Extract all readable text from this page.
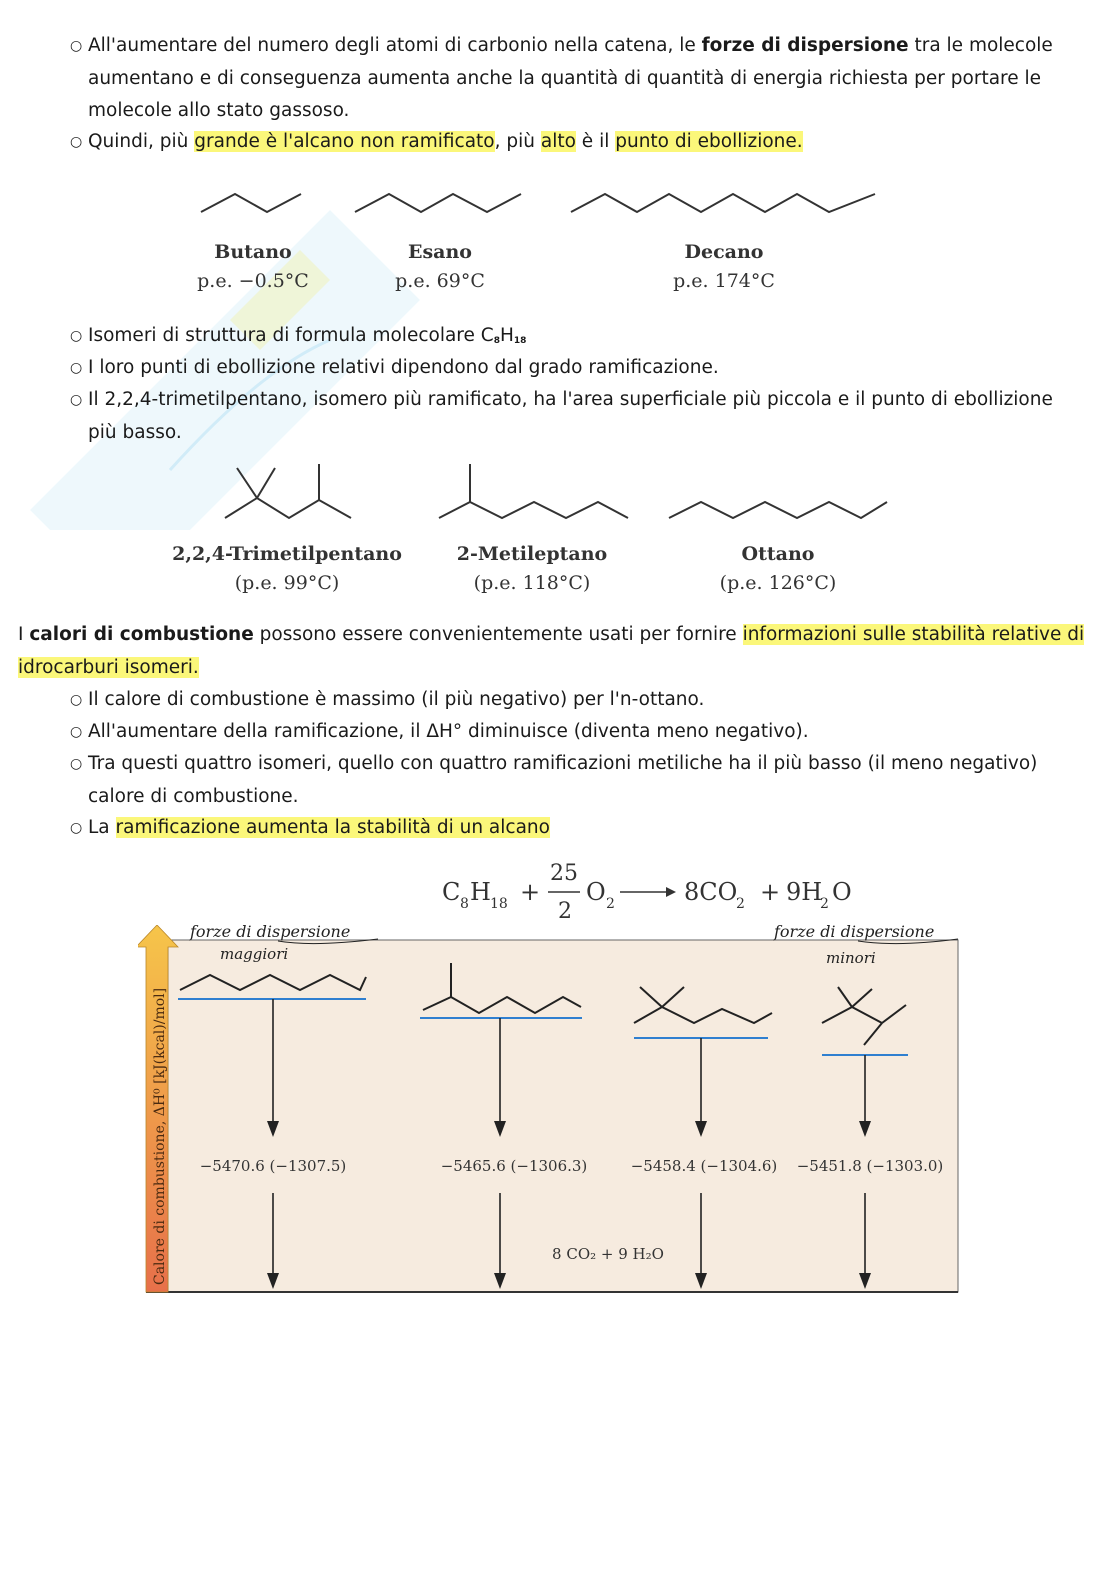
○ All'aumentare del numero degli atomi di carbonio nella catena, le forze di dispersione tra le molecole aumentano e di conseguenza aumenta anche la quantità di quantità di energia richiesta per portare le molecole allo stato gassoso.
○ Quindi, più grande è l'alcano non ramificato, più alto è il punto di ebollizione.
Butano
p.e. −0.5°C
Esano
p.e. 69°C
Decano
p.e. 174°C
○ Isomeri di struttura di formula molecolare $C_8H_{18}$
○ I loro punti di ebollizione relativi dipendono dal grado ramificazione.
○ Il 2,2,4-trimetilpentano, isomero più ramificato, ha l'area superficiale più piccola e il punto di ebollizione più basso.
2,2,4-Trimetilpentano
(p.e. 99°C)
2-Metileptano
(p.e. 118°C)
Ottano
(p.e. 126°C)
I calori di combustione possono essere convenientemente usati per fornire informazioni sulle stabilità relative di idrocarburi isomeri.
○ Il calore di combustione è massimo (il più negativo) per l'n-ottano.
○ All'aumentare della ramificazione, il ΔH° diminuisce (diventa meno negativo).
○ Tra questi quattro isomeri, quello con quattro ramificazioni metiliche ha il più basso (il meno negativo) calore di combustione.
○ La ramificazione aumenta la stabilità di un alcano
C 8 H 18 +
25
2
O 2	8CO
2 + 9H
2 O
Calore di combustione, ΔH⁰ [kJ(kcal)/mol]
forze di dispersione
maggiori
forze di dispersione
minori
−5470.6 (−1307.5)	−5465.6 (−1306.3)	−5458.4 (−1304.6) −5451.8 (−1303.0)
8 CO₂ + 9 H₂O
